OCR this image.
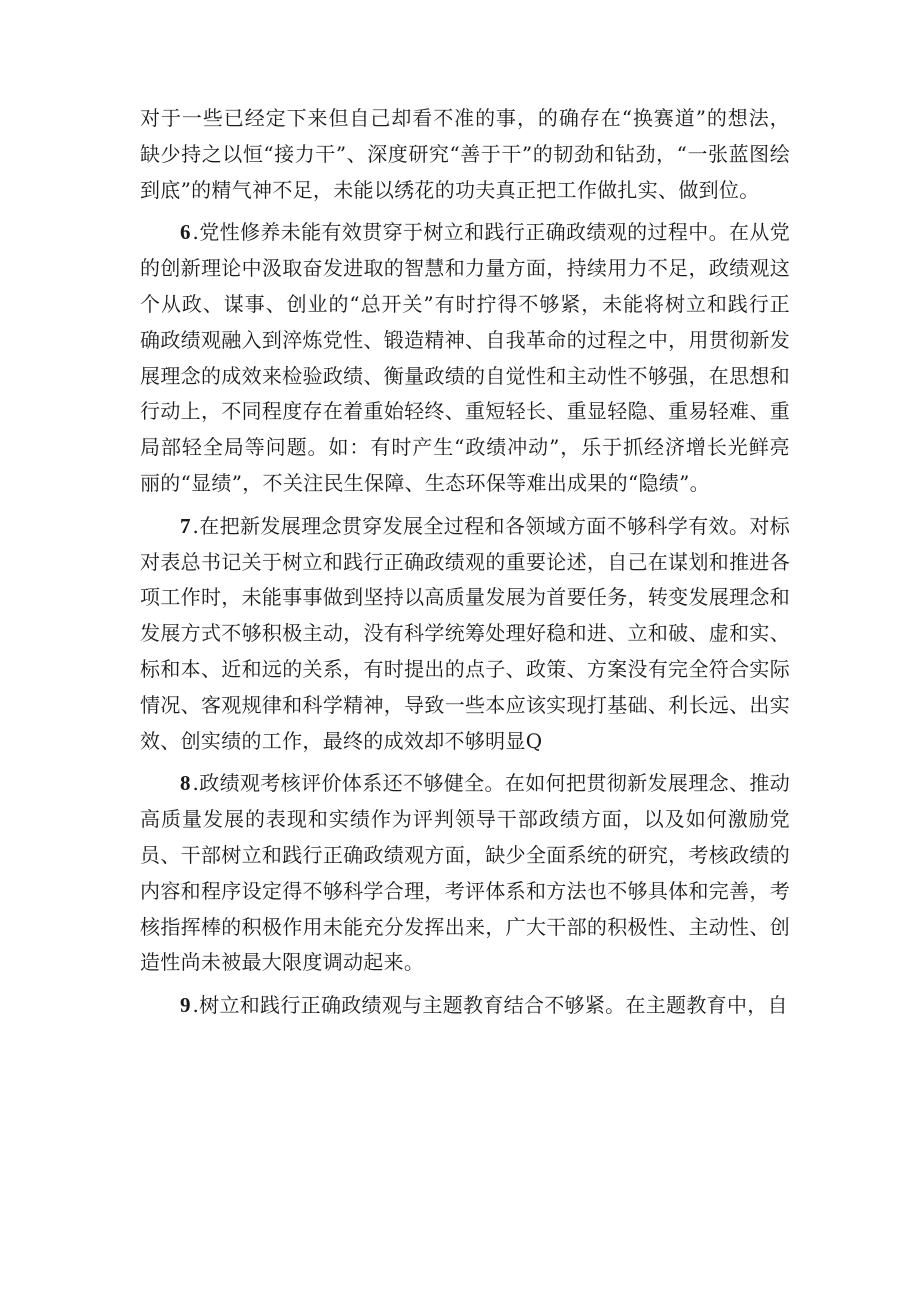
对于一些已经定下来但自己却看不准的事，的确存在“换赛道”的想法，缺少持之以恒“接力干”、深度研究“善于干”的韧劲和钻劲，“一张蓝图绘到底”的精气神不足，未能以绣花的功夫真正把工作做扎实、做到位。

6.党性修养未能有效贯穿于树立和践行正确政绩观的过程中。在从党的创新理论中汲取奋发进取的智慧和力量方面，持续用力不足，政绩观这个从政、谋事、创业的“总开关”有时拧得不够紧，未能将树立和践行正确政绩观融入到淬炼党性、锻造精神、自我革命的过程之中，用贯彻新发展理念的成效来检验政绩、衡量政绩的自觉性和主动性不够强，在思想和行动上，不同程度存在着重始轻终、重短轻长、重显轻隐、重易轻难、重局部轻全局等问题。如：有时产生“政绩冲动”，乐于抓经济增长光鲜亮丽的“显绩”，不关注民生保障、生态环保等难出成果的“隐绩”。

7.在把新发展理念贯穿发展全过程和各领域方面不够科学有效。对标对表总书记关于树立和践行正确政绩观的重要论述，自己在谋划和推进各项工作时，未能事事做到坚持以高质量发展为首要任务，转变发展理念和发展方式不够积极主动，没有科学统筹处理好稳和进、立和破、虚和实、标和本、近和远的关系，有时提出的点子、政策、方案没有完全符合实际情况、客观规律和科学精神，导致一些本应该实现打基础、利长远、出实效、创实绩的工作，最终的成效却不够明显Q

8.政绩观考核评价体系还不够健全。在如何把贯彻新发展理念、推动高质量发展的表现和实绩作为评判领导干部政绩方面，以及如何激励党员、干部树立和践行正确政绩观方面，缺少全面系统的研究，考核政绩的内容和程序设定得不够科学合理，考评体系和方法也不够具体和完善，考核指挥棒的积极作用未能充分发挥出来，广大干部的积极性、主动性、创造性尚未被最大限度调动起来。

9.树立和践行正确政绩观与主题教育结合不够紧。在主题教育中，自
